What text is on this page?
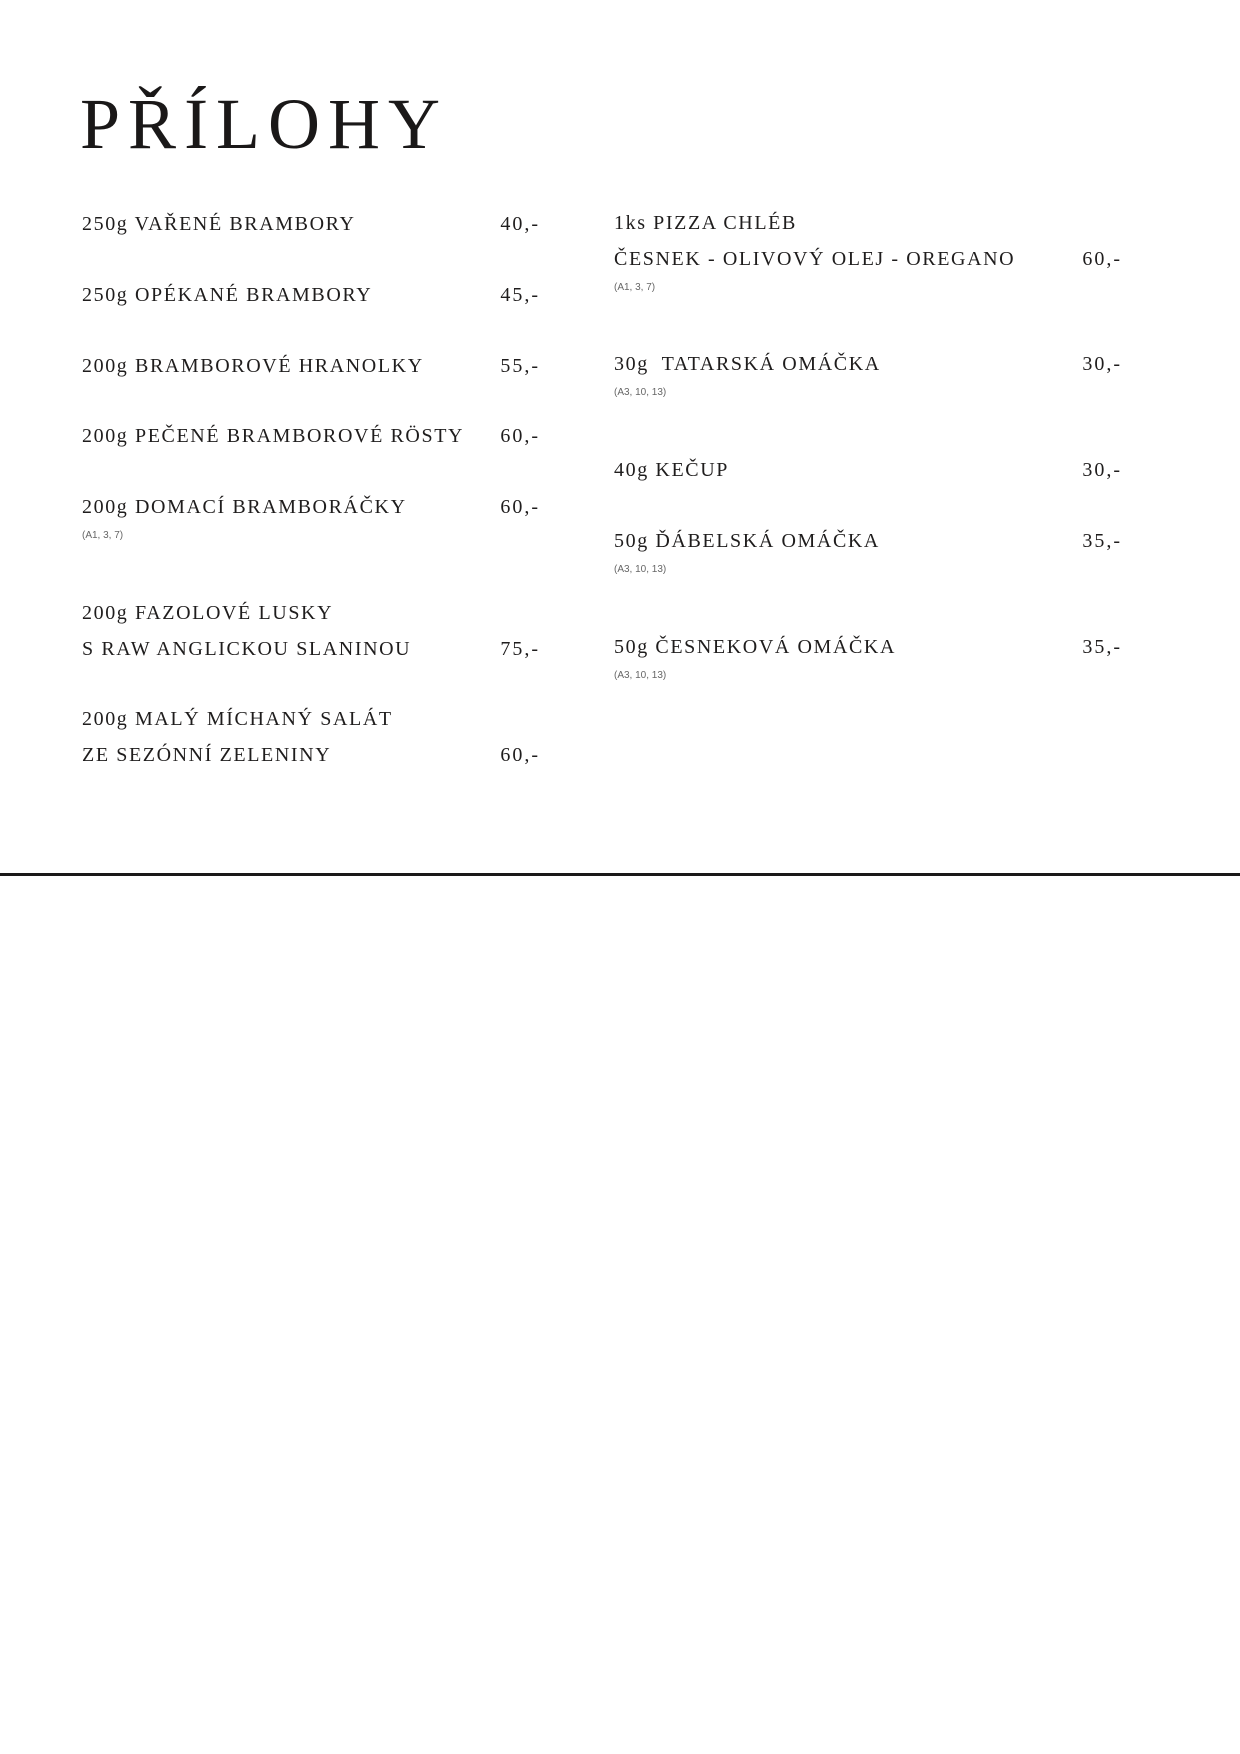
PŘÍLOHY
250g VAŘENÉ BRAMBORY	40,-
250g OPÉKANÉ BRAMBORY	45,-
200g BRAMBOROVÉ HRANOLKY	55,-
200g PEČENÉ BRAMBOROVÉ RÖSTY 60,-
200g DOMACÍ BRAMBORÁČKY	60,-
(A1, 3, 7)
200g FAZOLOVÉ LUSKY
S RAW ANGLICKOU SLANINOU	75,-
200g MALÝ MÍCHANÝ SALÁT
ZE SEZÓNNÍ ZELENINY	60,-
1ks PIZZA CHLÉB
ČESNEK - OLIVOVÝ OLEJ - OREGANO	60,-
(A1, 3, 7)
30g  TATARSKÁ OMÁČKA	30,-
(A3, 10, 13)
40g KEČUP	30,-
50g ĎÁBELSKÁ OMÁČKA	35,-
(A3, 10, 13)
50g ČESNEKOVÁ OMÁČKA	35,-
(A3, 10, 13)
